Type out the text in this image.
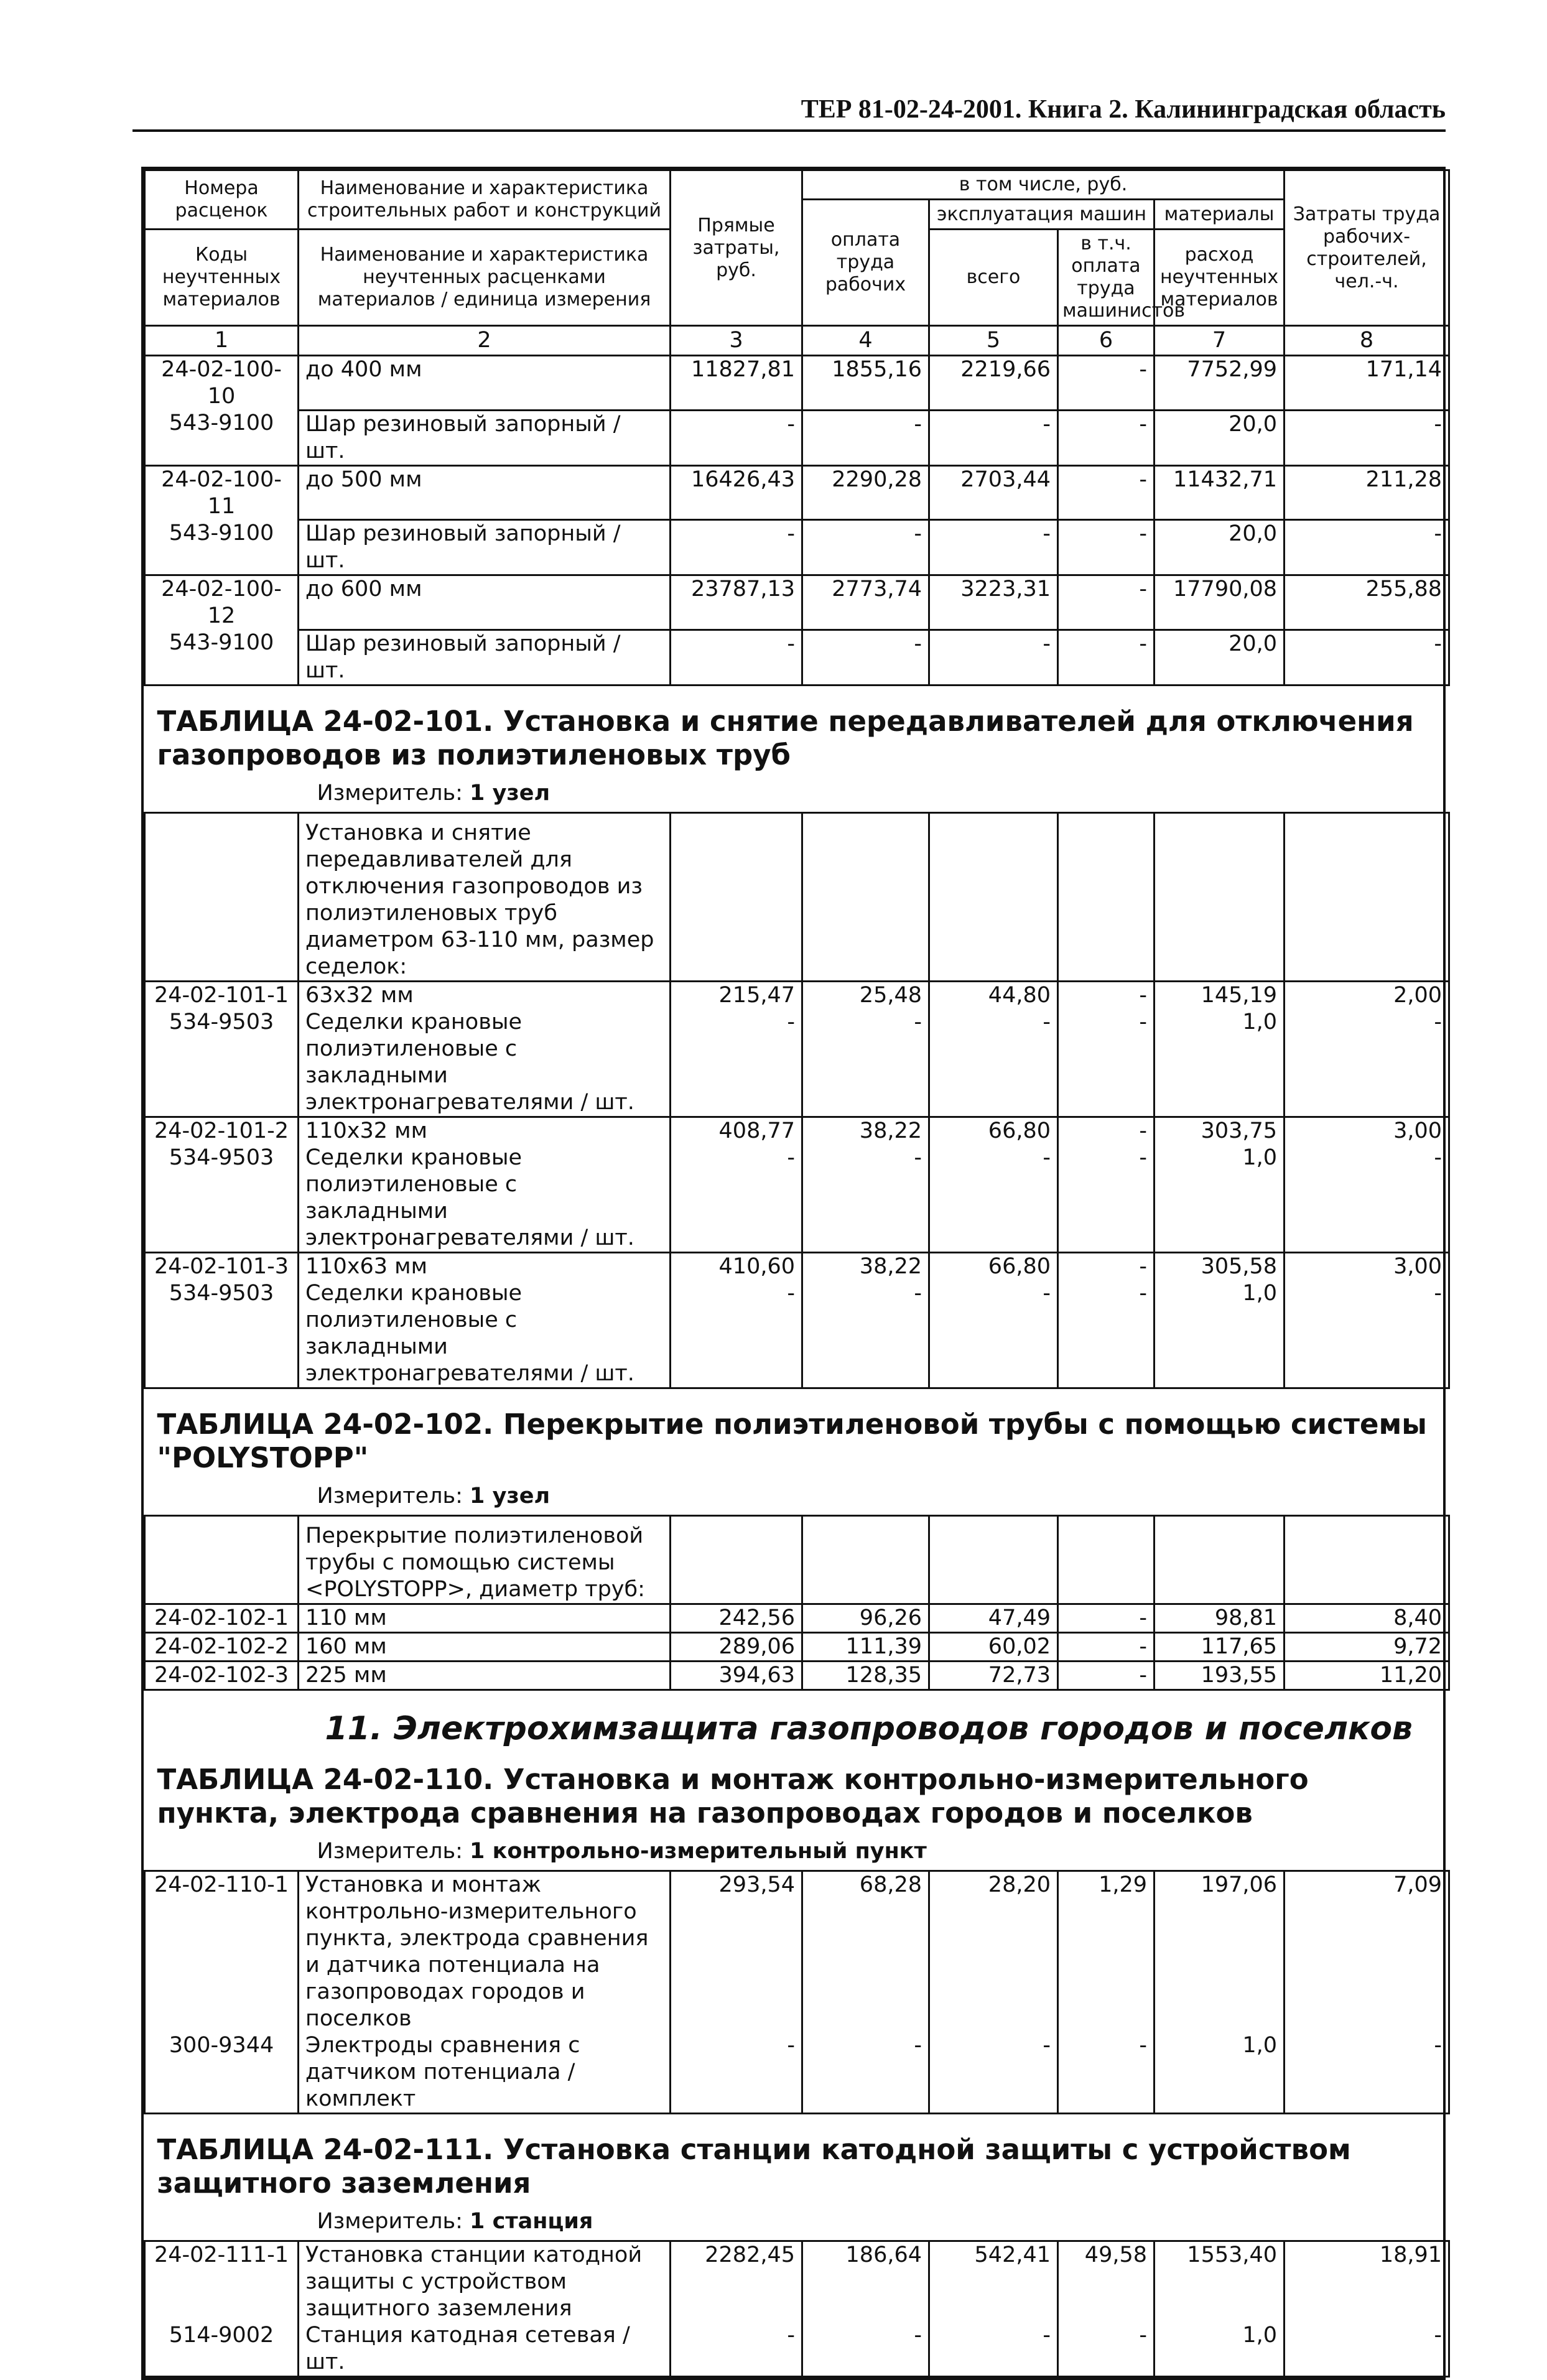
ТЕР 81-02-24-2001. Книга 2. Калининградская область
Номера расценок	Наименование и характеристика строительных работ и конструкций	Прямые затраты, руб.	в том числе, руб.				Затраты труда рабочих-строителей, чел.-ч.
			оплата труда рабочих	эксплуатация машин		материалы	
Коды неучтенных материалов	Наименование и характеристика неучтенных расценками материалов / единица измерения			всего	в т.ч. оплата труда машинистов	расход неучтенных материалов	
1	2	3	4	5	6	7	8
24-02-100-10	до 400 мм	11827,81	1855,16	2219,66	-	7752,99	171,14
543-9100	Шар резиновый запорный / шт.	-	-	-	-	20,0	-
24-02-100-11	до 500 мм	16426,43	2290,28	2703,44	-	11432,71	211,28
543-9100	Шар резиновый запорный / шт.	-	-	-	-	20,0	-
24-02-100-12	до 600 мм	23787,13	2773,74	3223,31	-	17790,08	255,88
543-9100	Шар резиновый запорный / шт.	-	-	-	-	20,0	-
ТАБЛИЦА 24-02-101. Установка и снятие передавливателей для отключения газопроводов из полиэтиленовых труб							
Измеритель: 1 узел							
	Установка и снятие передавливателей для отключения газопроводов из полиэтиленовых труб диаметром 63-110 мм, размер седелок:						
24-02-101-1	63х32 мм	215,47	25,48	44,80	-	145,19	2,00
534-9503	Седелки крановые полиэтиленовые с закладными электронагревателями / шт.	-	-	-	-	1,0	-
24-02-101-2	110х32 мм	408,77	38,22	66,80	-	303,75	3,00
534-9503	Седелки крановые полиэтиленовые с закладными электронагревателями / шт.	-	-	-	-	1,0	-
24-02-101-3	110х63 мм	410,60	38,22	66,80	-	305,58	3,00
534-9503	Седелки крановые полиэтиленовые с закладными электронагревателями / шт.	-	-	-	-	1,0	-
ТАБЛИЦА 24-02-102. Перекрытие полиэтиленовой трубы с помощью системы "POLYSTOPP"							
Измеритель: 1 узел							
	Перекрытие полиэтиленовой трубы с помощью системы <POLYSTOPP>, диаметр труб:						
24-02-102-1	110 мм	242,56	96,26	47,49	-	98,81	8,40
24-02-102-2	160 мм	289,06	111,39	60,02	-	117,65	9,72
24-02-102-3	225 мм	394,63	128,35	72,73	-	193,55	11,20
11. Электрохимзащита газопроводов городов и поселков							
ТАБЛИЦА 24-02-110. Установка и монтаж контрольно-измерительного пункта, электрода сравнения на газопроводах городов и поселков							
Измеритель: 1 контрольно-измерительный пункт							
24-02-110-1	Установка и монтаж контрольно-измерительного пункта, электрода сравнения и датчика потенциала на газопроводах городов и поселков	293,54	68,28	28,20	1,29	197,06	7,09
300-9344	Электроды сравнения с датчиком потенциала / комплект	-	-	-	-	1,0	-
ТАБЛИЦА 24-02-111. Установка станции катодной защиты с устройством защитного заземления							
Измеритель: 1 станция							
24-02-111-1	Установка станции катодной защиты с устройством защитного заземления	2282,45	186,64	542,41	49,58	1553,40	18,91
514-9002	Станция катодная сетевая / шт.	-	-	-	-	1,0	-
